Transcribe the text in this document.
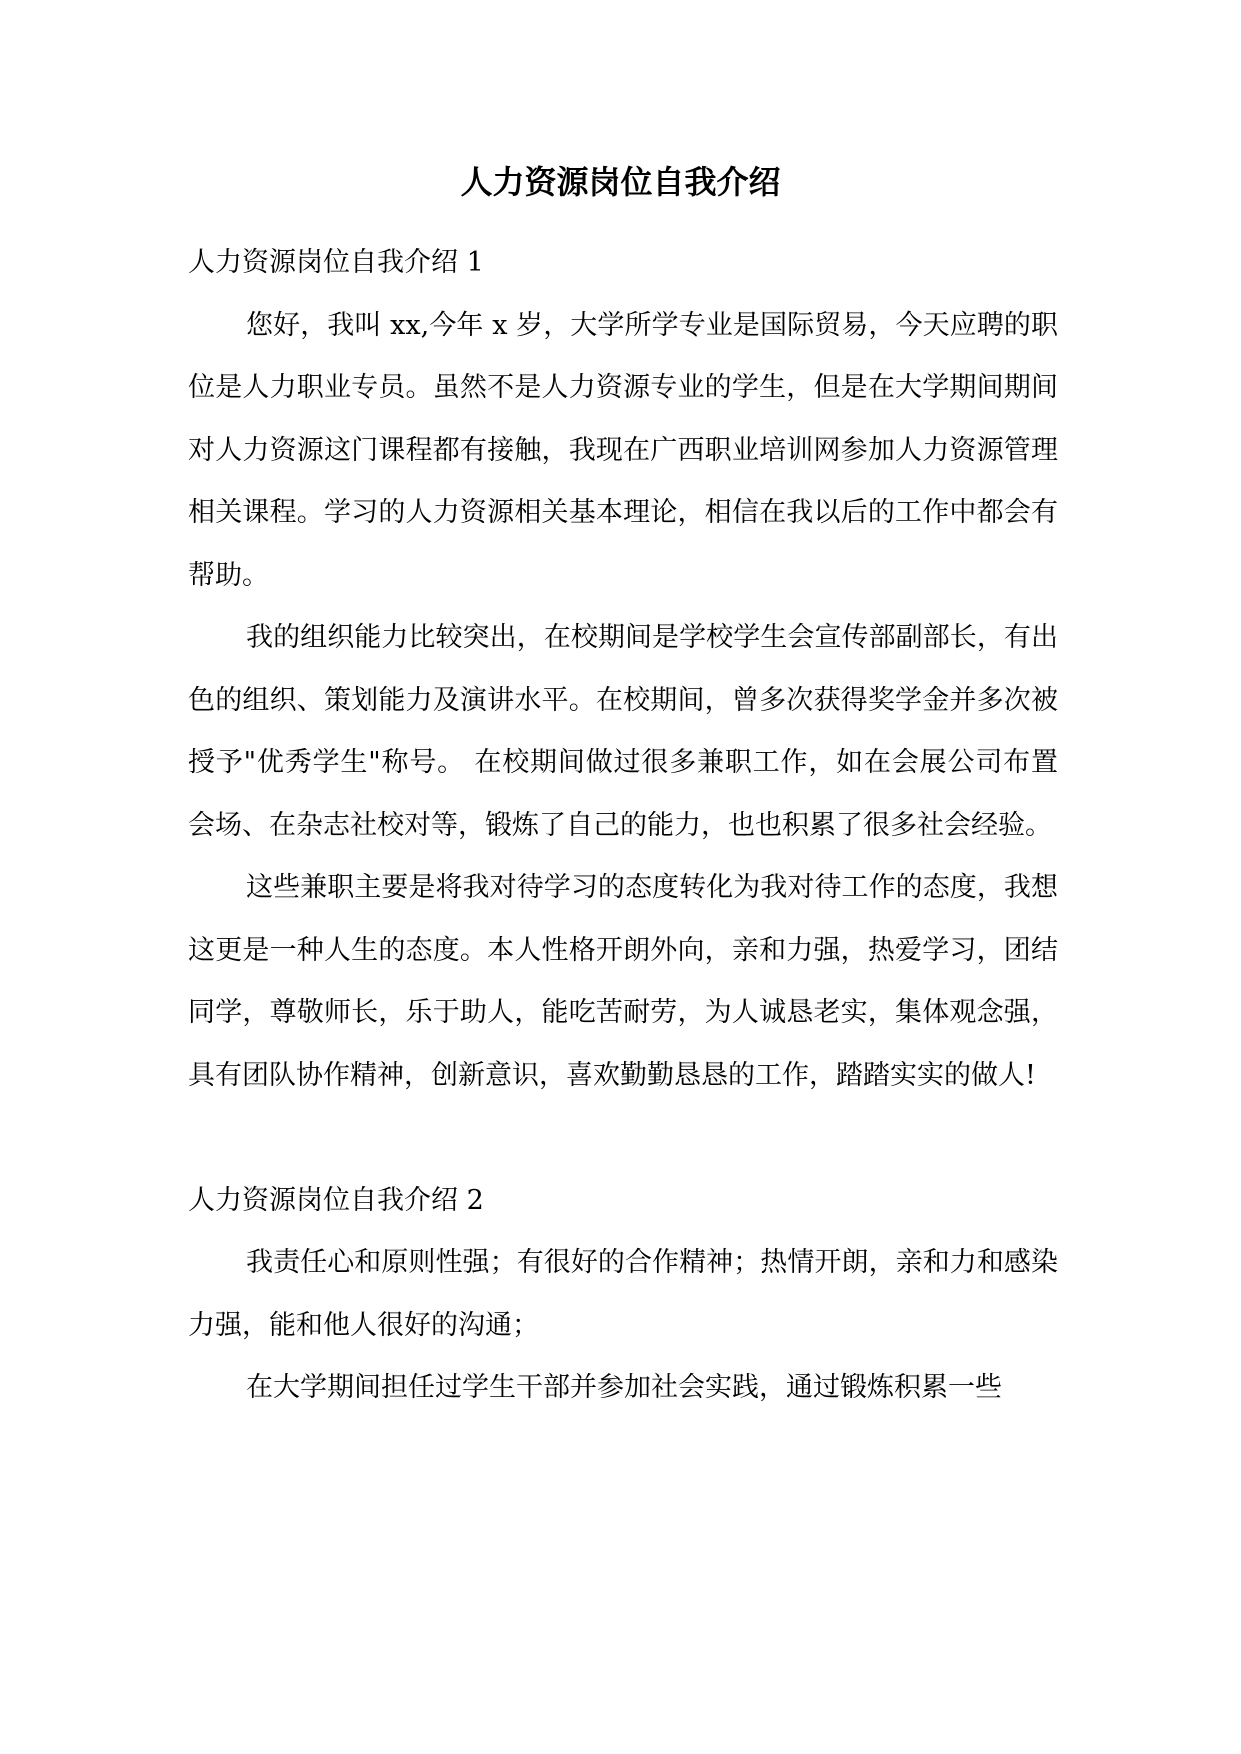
人力资源岗位自我介绍

人力资源岗位自我介绍 1

您好，我叫 xx,今年 x 岁，大学所学专业是国际贸易，今天应聘的职位是人力职业专员。虽然不是人力资源专业的学生，但是在大学期间期间对人力资源这门课程都有接触，我现在广西职业培训网参加人力资源管理相关课程。学习的人力资源相关基本理论，相信在我以后的工作中都会有帮助。

我的组织能力比较突出，在校期间是学校学生会宣传部副部长，有出色的组织、策划能力及演讲水平。在校期间，曾多次获得奖学金并多次被授予"优秀学生"称号。 在校期间做过很多兼职工作，如在会展公司布置会场、在杂志社校对等，锻炼了自己的能力，也也积累了很多社会经验。

这些兼职主要是将我对待学习的态度转化为我对待工作的态度，我想这更是一种人生的态度。本人性格开朗外向，亲和力强，热爱学习，团结同学，尊敬师长，乐于助人，能吃苦耐劳，为人诚恳老实，集体观念强，具有团队协作精神，创新意识，喜欢勤勤恳恳的工作，踏踏实实的做人!

人力资源岗位自我介绍 2

我责任心和原则性强；有很好的合作精神；热情开朗，亲和力和感染力强，能和他人很好的沟通；

在大学期间担任过学生干部并参加社会实践，通过锻炼积累一些
